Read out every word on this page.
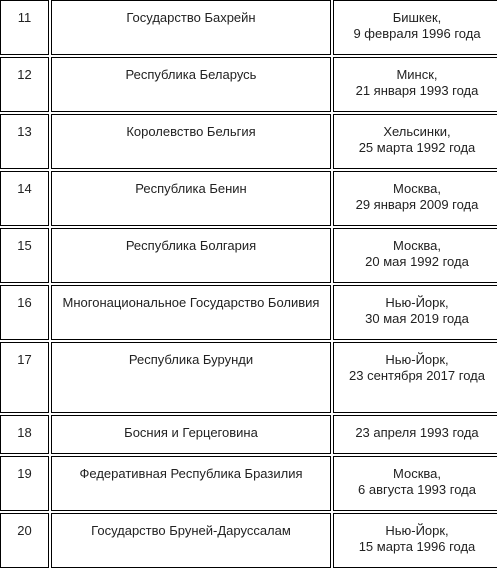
11	Государство Бахрейн	Бишкек,
9 февраля 1996 года

12	Республика Беларусь	Минск,
21 января 1993 года

13	Королевство Бельгия	Хельсинки,
25 марта 1992 года

14	Республика Бенин	Москва,
29 января 2009 года

15	Республика Болгария	Москва,
20 мая 1992 года

16	Многонациональное Государство Боливия	Нью-Йорк,
30 мая 2019 года

17	Республика Бурунди	Нью-Йорк,
23 сентября 2017 года

18	Босния и Герцеговина	23 апреля 1993 года

19	Федеративная Республика Бразилия	Москва,
6 августа 1993 года

20	Государство Бруней-Даруссалам	Нью-Йорк,
15 марта 1996 года
